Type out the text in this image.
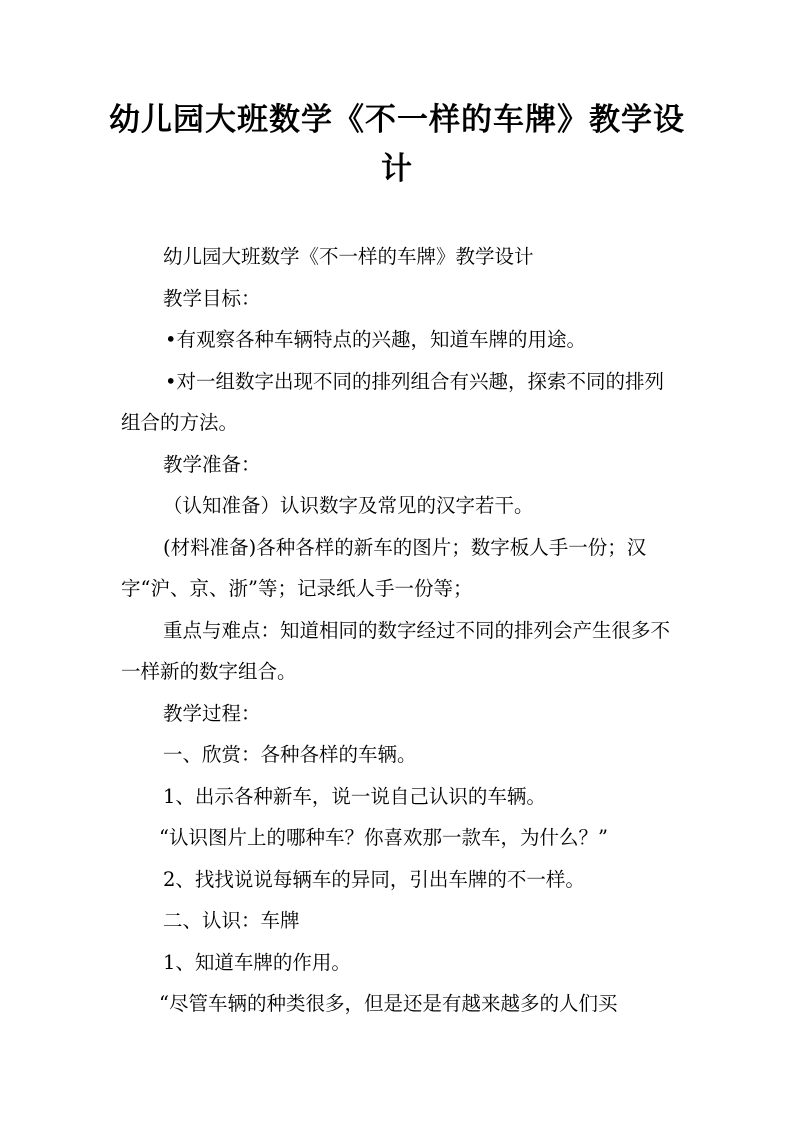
幼儿园大班数学《不一样的车牌》教学设计

幼儿园大班数学《不一样的车牌》教学设计

教学目标：

•有观察各种车辆特点的兴趣，知道车牌的用途。

•对一组数字出现不同的排列组合有兴趣，探索不同的排列组合的方法。

教学准备：

（认知准备）认识数字及常见的汉字若干。

(材料准备)各种各样的新车的图片；数字板人手一份；汉字“沪、京、浙”等；记录纸人手一份等；

重点与难点：知道相同的数字经过不同的排列会产生很多不一样新的数字组合。

教学过程：

一、欣赏：各种各样的车辆。

1、出示各种新车，说一说自己认识的车辆。

“认识图片上的哪种车？你喜欢那一款车，为什么？”

2、找找说说每辆车的异同，引出车牌的不一样。

二、认识：车牌

1、知道车牌的作用。

“尽管车辆的种类很多，但是还是有越来越多的人们买
